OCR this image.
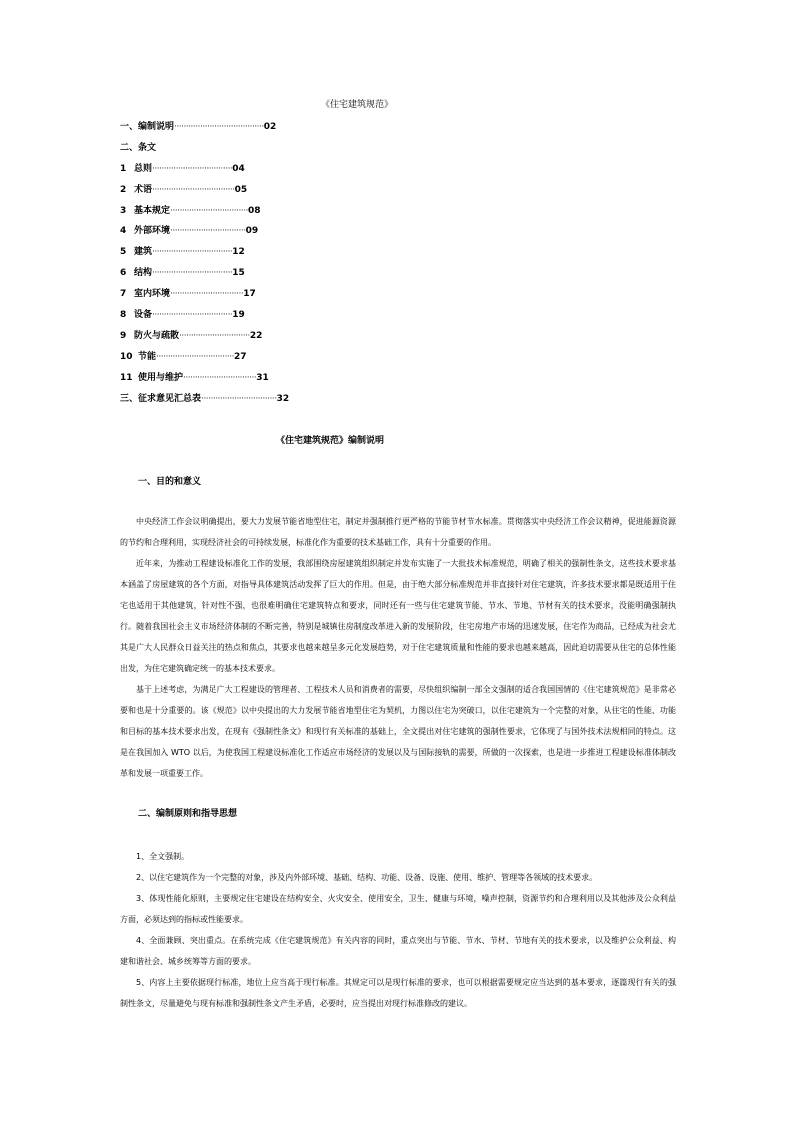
《住宅建筑规范》
一、编制说明······································02
二、条文
1 总则··································04
2 术语···································05
3 基本规定·································08
4 外部环境································09
5 建筑··································12
6 结构··································15
7 室内环境·······························17
8 设备··································19
9 防火与疏散······························22
10 节能·································27
11 使用与维护·······························31
三、征求意见汇总表································32
《住宅建筑规范》编制说明
一、目的和意义

中央经济工作会议明确提出，要大力发展节能省地型住宅，制定并强制推行更严格的节能节材节水标准。贯彻落实中央经济工作会议精神，促进能源资源的节约和合理利用，实现经济社会的可持续发展，标准化作为重要的技术基础工作，具有十分重要的作用。

近年来，为推动工程建设标准化工作的发展，我部围绕房屋建筑组织制定并发布实施了一大批技术标准规范，明确了相关的强制性条文，这些技术要求基本涵盖了房屋建筑的各个方面，对指导具体建筑活动发挥了巨大的作用。但是，由于绝大部分标准规范并非直接针对住宅建筑，许多技术要求都是既适用于住宅也适用于其他建筑，针对性不强，也很难明确住宅建筑特点和要求，同时还有一些与住宅建筑节能、节水、节地、节材有关的技术要求，没能明确强制执行。随着我国社会主义市场经济体制的不断完善，特别是城镇住房制度改革进入新的发展阶段，住宅房地产市场的迅速发展，住宅作为商品，已经成为社会尤其是广大人民群众日益关注的热点和焦点，其要求也越来越呈多元化发展趋势，对于住宅建筑质量和性能的要求也越来越高，因此迫切需要从住宅的总体性能出发，为住宅建筑确定统一的基本技术要求。

基于上述考虑，为满足广大工程建设的管理者、工程技术人员和消费者的需要，尽快组织编制一部全文强制的适合我国国情的《住宅建筑规范》是非常必要和也是十分重要的。该《规范》以中央提出的大力发展节能省地型住宅为契机，力图以住宅为突破口，以住宅建筑为一个完整的对象，从住宅的性能、功能和目标的基本技术要求出发，在现有《强制性条文》和现行有关标准的基础上，全文提出对住宅建筑的强制性要求，它体现了与国外技术法规相同的特点。这是在我国加入 WTO 以后，为使我国工程建设标准化工作适应市场经济的发展以及与国际接轨的需要，所做的一次探索，也是进一步推进工程建设标准体制改革和发展一项重要工作。

二、编制原则和指导思想

1、全文强制。

2、以住宅建筑作为一个完整的对象，涉及内外部环境、基础、结构、功能、设备、设施、使用、维护、管理等各领域的技术要求。

3、体现性能化原则，主要规定住宅建设在结构安全、火灾安全、使用安全，卫生、健康与环境，噪声控制，资源节约和合理利用以及其他涉及公众利益方面，必须达到的指标或性能要求。

4、全面兼顾、突出重点。在系统完成《住宅建筑规范》有关内容的同时，重点突出与节能、节水、节材、节地有关的技术要求，以及维护公众利益、构建和谐社会、城乡统筹等方面的要求。

5、内容上主要依据现行标准，地位上应当高于现行标准。其规定可以是现行标准的要求，也可以根据需要规定应当达到的基本要求，逐篇现行有关的强制性条文，尽量避免与现有标准和强制性条文产生矛盾，必要时，应当提出对现行标准修改的建议。
